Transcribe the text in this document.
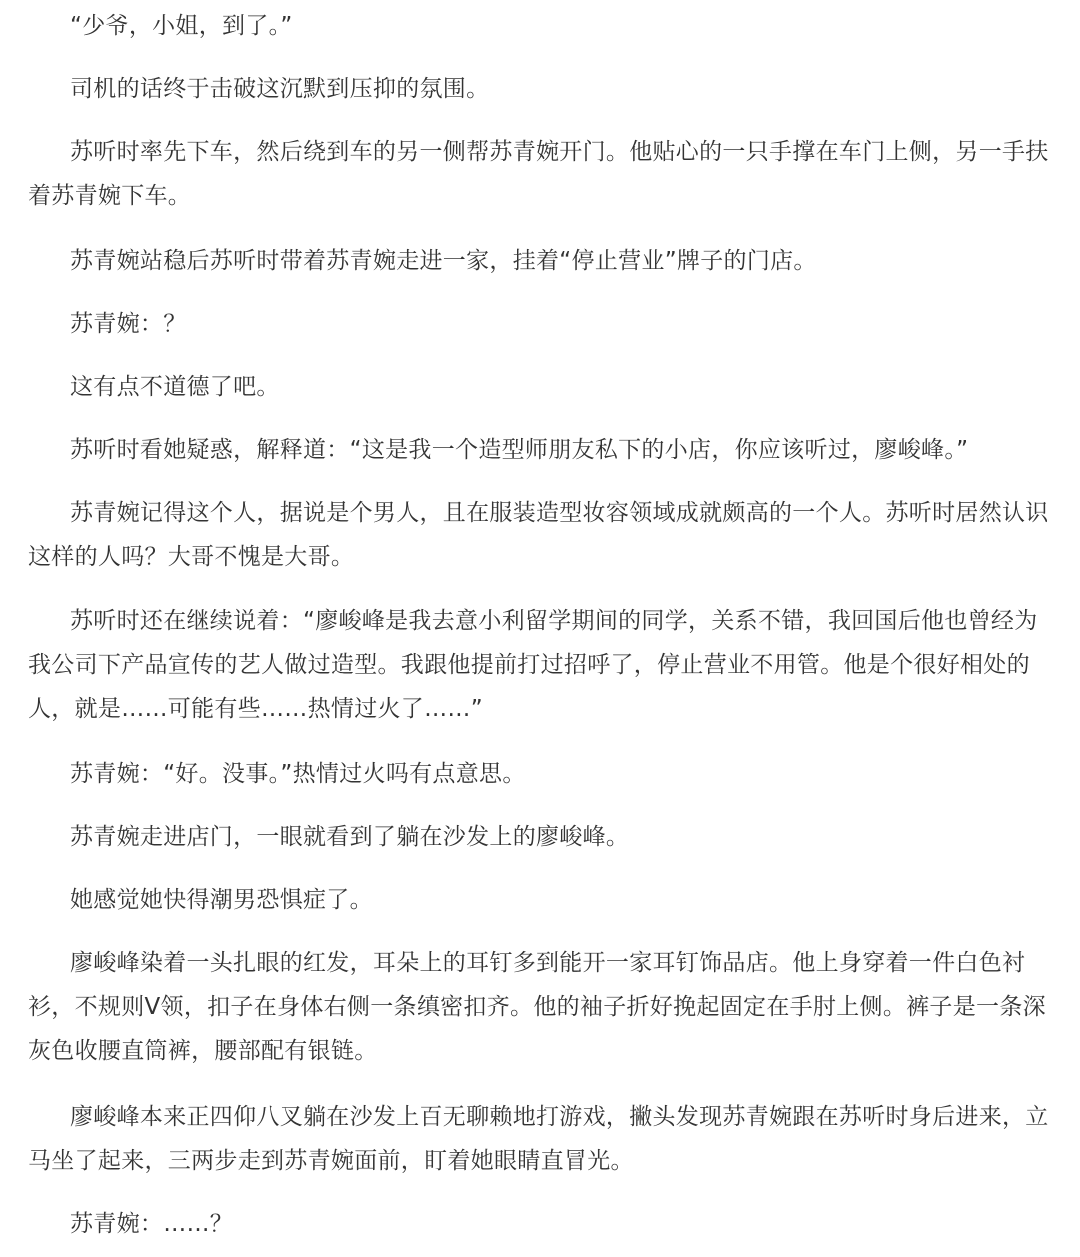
“少爷，小姐，到了。”

司机的话终于击破这沉默到压抑的氛围。

苏听时率先下车，然后绕到车的另一侧帮苏青婉开门。他贴心的一只手撑在车门上侧，另一手扶着苏青婉下车。

苏青婉站稳后苏听时带着苏青婉走进一家，挂着“停止营业”牌子的门店。

苏青婉：？

这有点不道德了吧。

苏听时看她疑惑，解释道：“这是我一个造型师朋友私下的小店，你应该听过，廖峻峰。”

苏青婉记得这个人，据说是个男人，且在服装造型妆容领域成就颇高的一个人。苏听时居然认识这样的人吗？大哥不愧是大哥。

苏听时还在继续说着：“廖峻峰是我去意小利留学期间的同学，关系不错，我回国后他也曾经为我公司下产品宣传的艺人做过造型。我跟他提前打过招呼了，停止营业不用管。他是个很好相处的人，就是……可能有些……热情过火了……”

苏青婉：“好。没事。”热情过火吗有点意思。

苏青婉走进店门，一眼就看到了躺在沙发上的廖峻峰。

她感觉她快得潮男恐惧症了。

廖峻峰染着一头扎眼的红发，耳朵上的耳钉多到能开一家耳钉饰品店。他上身穿着一件白色衬衫，不规则V领，扣子在身体右侧一条缜密扣齐。他的袖子折好挽起固定在手肘上侧。裤子是一条深灰色收腰直筒裤，腰部配有银链。

廖峻峰本来正四仰八叉躺在沙发上百无聊赖地打游戏，撇头发现苏青婉跟在苏听时身后进来，立马坐了起来，三两步走到苏青婉面前，盯着她眼睛直冒光。

苏青婉：……？
